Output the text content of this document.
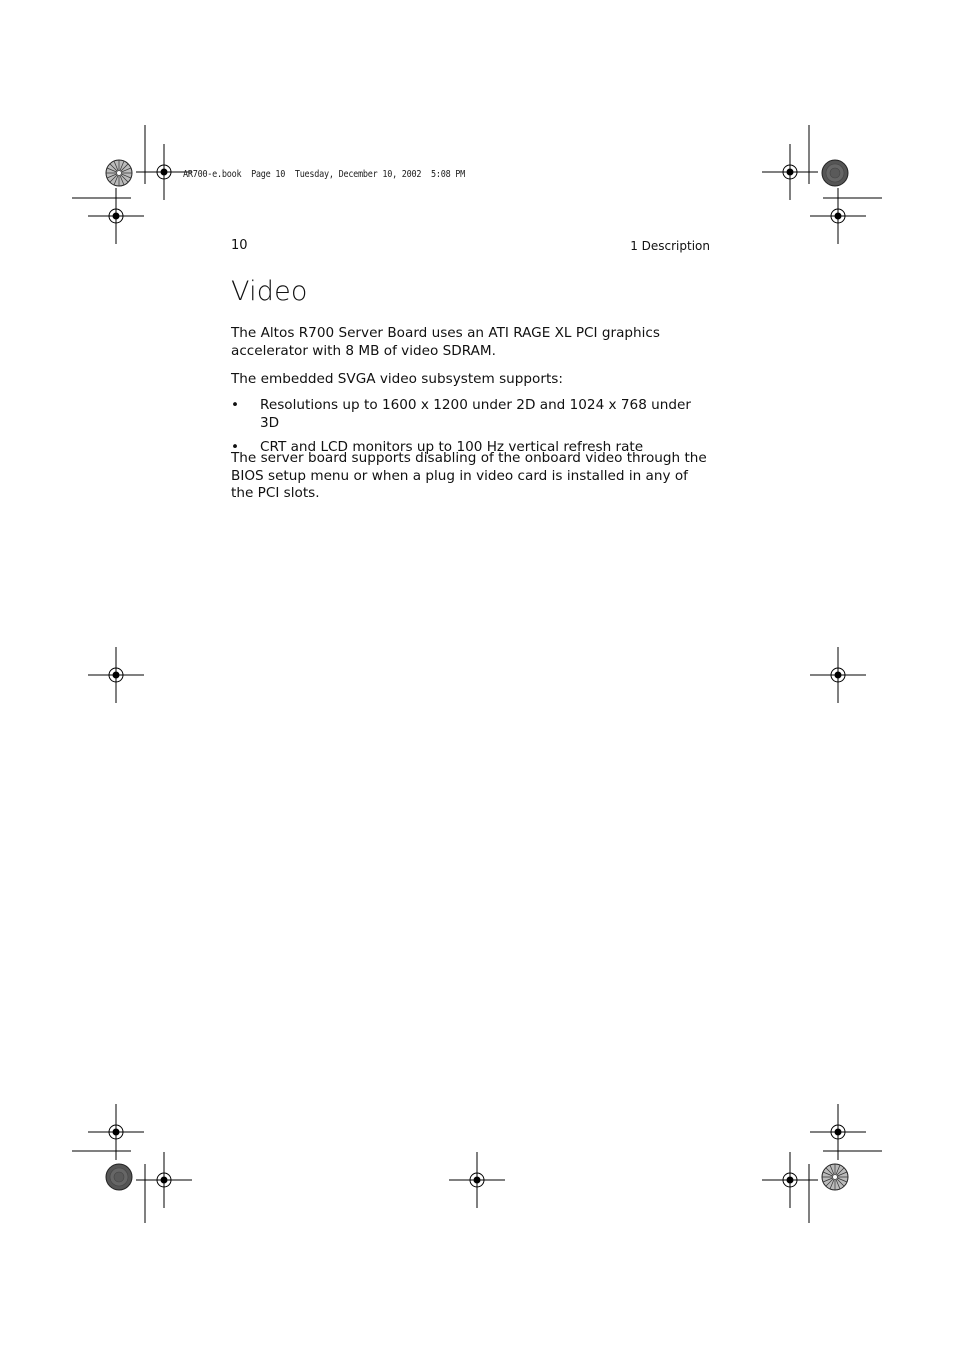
AR700-e.book  Page 10  Tuesday, December 10, 2002  5:08 PM
10	1 Description
Video
The Altos R700 Server Board uses an ATI RAGE XL PCI graphics accelerator with 8 MB of video SDRAM.
The embedded SVGA video subsystem supports:
• Resolutions up to 1600 x 1200 under 2D and 1024 x 768 under 3D
• CRT and LCD monitors up to 100 Hz vertical refresh rate
The server board supports disabling of the onboard video through the BIOS setup menu or when a plug in video card is installed in any of the PCI slots.
